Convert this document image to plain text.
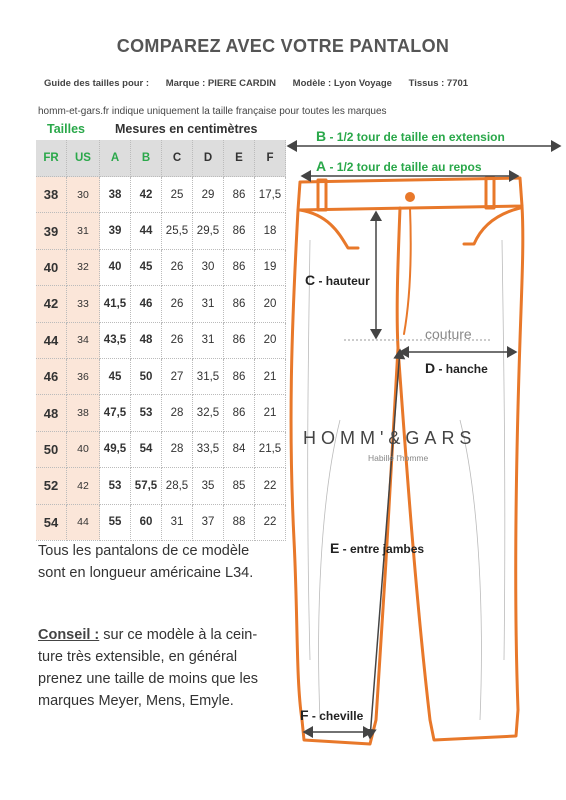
COMPAREZ AVEC VOTRE PANTALON
Guide des tailles pour : Marque : PIERE CARDIN Modèle : Lyon Voyage Tissus : 7701
homm-et-gars.fr indique uniquement la taille française pour toutes les marques
Tailles Mesures en centimètres
FR	US	A	B	C	D	E	F
38	30	38	42	25	29	86	17,5
39	31	39	44	25,5	29,5	86	18
40	32	40	45	26	30	86	19
42	33	41,5	46	26	31	86	20
44	34	43,5	48	26	31	86	20
46	36	45	50	27	31,5	86	21
48	38	47,5	53	28	32,5	86	21
50	40	49,5	54	28	33,5	84	21,5
52	42	53	57,5	28,5	35	85	22
54	44	55	60	31	37	88	22
Tous les pantalons de ce modèle
sont en longueur américaine L34.
Conseil : sur ce modèle à la cein-
ture très extensible, en général
prenez une taille de moins que les
marques Meyer, Mens, Emyle.
B - 1/2 tour de taille en extension
A - 1/2 tour de taille au repos
C - hauteur
couture
D - hanche
HOMM'&GARS
Habille l'homme
E - entre jambes
F - cheville
